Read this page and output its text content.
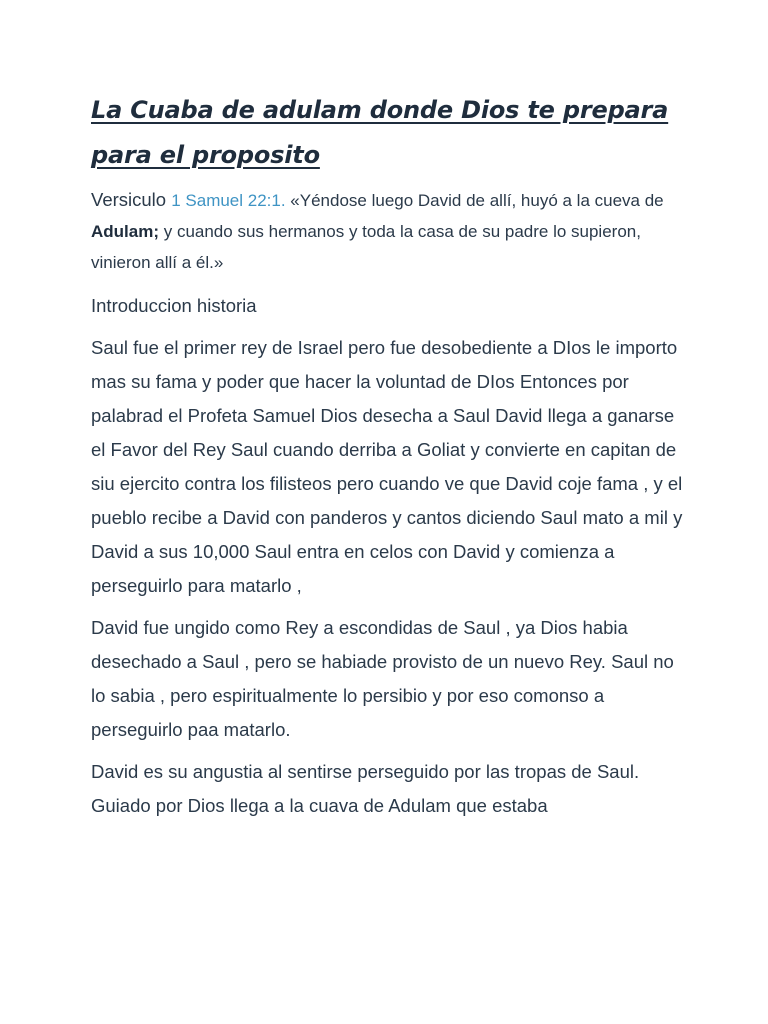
La Cuaba de adulam donde Dios te prepara para el proposito

Versiculo 1 Samuel 22:1. «Yéndose luego David de allí, huyó a la cueva de Adulam; y cuando sus hermanos y toda la casa de su padre lo supieron, vinieron allí a él.»

Introduccion historia

Saul fue el primer rey de Israel pero fue desobediente a DIos le importo mas su fama y poder que hacer la voluntad de DIos Entonces por palabrad el Profeta Samuel Dios desecha a Saul David llega a ganarse el Favor del Rey Saul cuando derriba a Goliat y convierte en capitan de siu ejercito contra los filisteos pero cuando ve que David coje fama , y el pueblo recibe a David con panderos y cantos diciendo Saul mato a mil y David a sus 10,000 Saul entra en celos con David y comienza a perseguirlo para matarlo ,

David fue ungido como Rey a escondidas de Saul , ya Dios habia desechado a Saul , pero se habiade provisto de un nuevo Rey. Saul no lo sabia , pero espiritualmente lo persibio y por eso comonso a perseguirlo paa matarlo.

David es su angustia al sentirse perseguido por las tropas de Saul. Guiado por Dios llega a la cuava de Adulam que estaba
